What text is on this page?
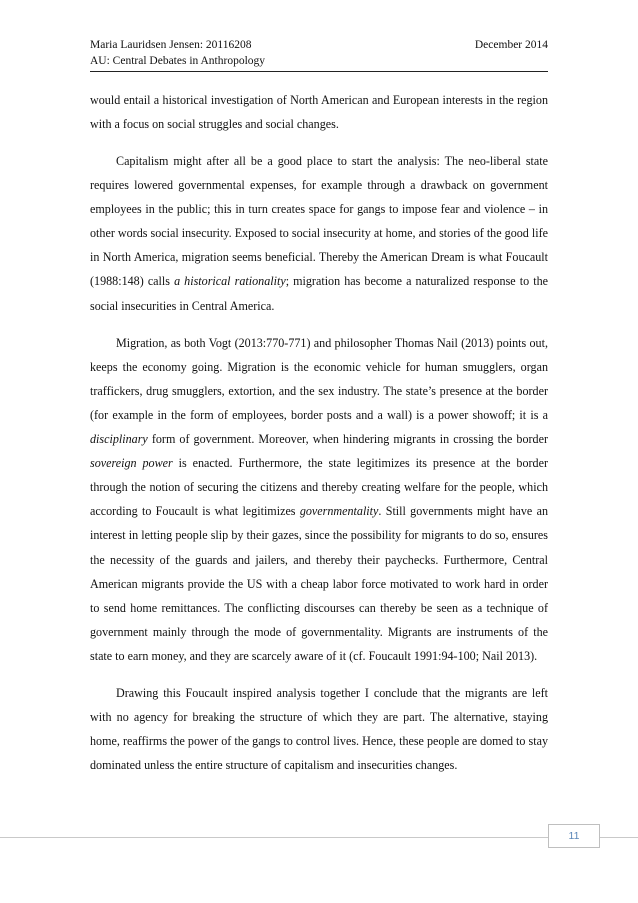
Maria Lauridsen Jensen: 20116208	December 2014
AU: Central Debates in Anthropology

would entail a historical investigation of North American and European interests in the region with a focus on social struggles and social changes.

Capitalism might after all be a good place to start the analysis: The neo-liberal state requires lowered governmental expenses, for example through a drawback on government employees in the public; this in turn creates space for gangs to impose fear and violence – in other words social insecurity. Exposed to social insecurity at home, and stories of the good life in North America, migration seems beneficial. Thereby the American Dream is what Foucault (1988:148) calls a historical rationality; migration has become a naturalized response to the social insecurities in Central America.

Migration, as both Vogt (2013:770-771) and philosopher Thomas Nail (2013) points out, keeps the economy going. Migration is the economic vehicle for human smugglers, organ traffickers, drug smugglers, extortion, and the sex industry. The state’s presence at the border (for example in the form of employees, border posts and a wall) is a power showoff; it is a disciplinary form of government. Moreover, when hindering migrants in crossing the border sovereign power is enacted. Furthermore, the state legitimizes its presence at the border through the notion of securing the citizens and thereby creating welfare for the people, which according to Foucault is what legitimizes governmentality. Still governments might have an interest in letting people slip by their gazes, since the possibility for migrants to do so, ensures the necessity of the guards and jailers, and thereby their paychecks. Furthermore, Central American migrants provide the US with a cheap labor force motivated to work hard in order to send home remittances. The conflicting discourses can thereby be seen as a technique of government mainly through the mode of governmentality. Migrants are instruments of the state to earn money, and they are scarcely aware of it (cf. Foucault 1991:94-100; Nail 2013).

Drawing this Foucault inspired analysis together I conclude that the migrants are left with no agency for breaking the structure of which they are part. The alternative, staying home, reaffirms the power of the gangs to control lives. Hence, these people are domed to stay dominated unless the entire structure of capitalism and insecurities changes.

11
